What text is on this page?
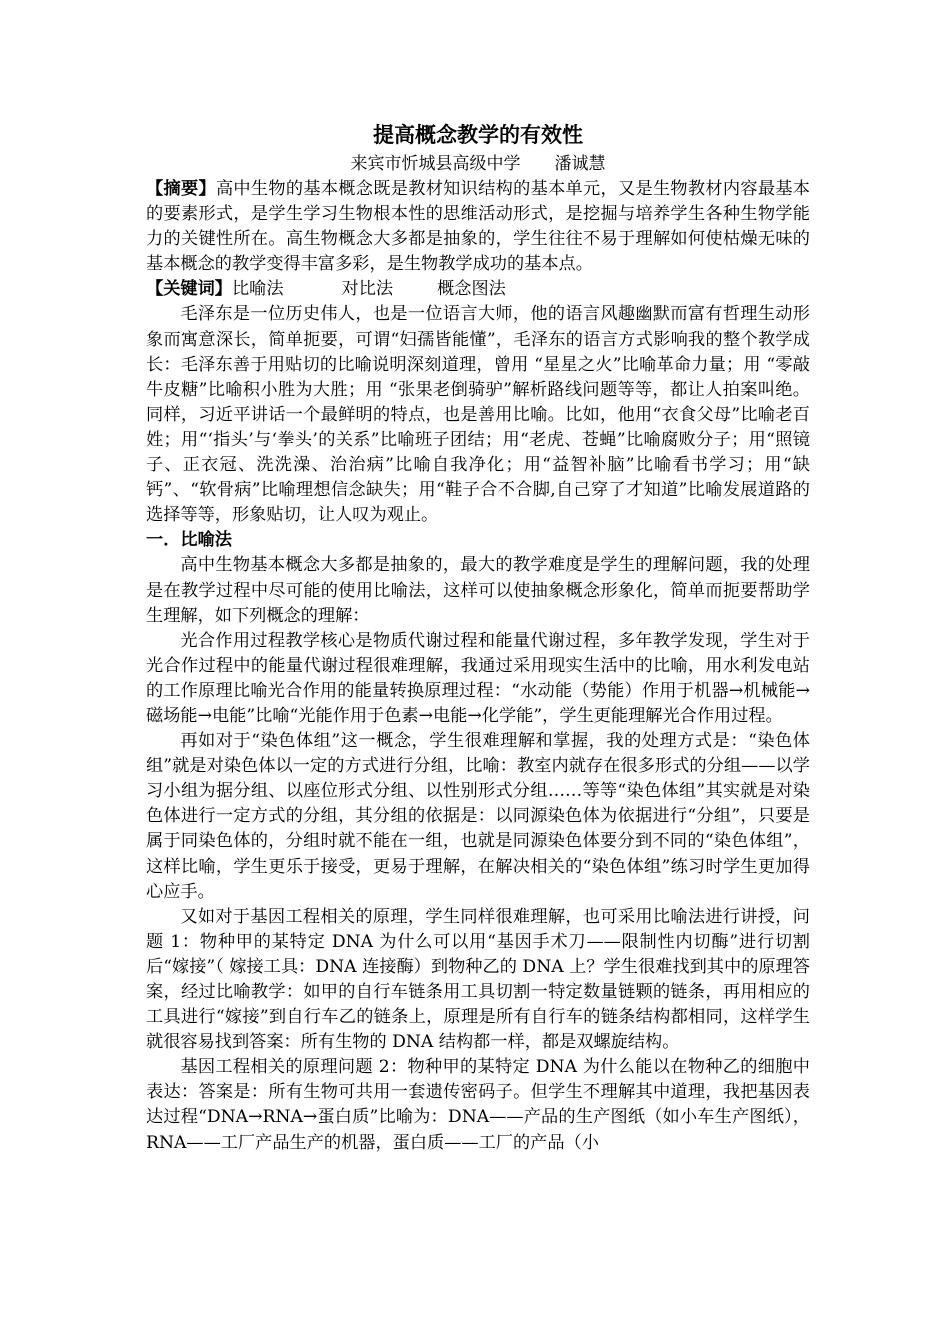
提高概念教学的有效性
来宾市忻城县高级中学　　潘诚慧

【摘要】高中生物的基本概念既是教材知识结构的基本单元，又是生物教材内容最基本的要素形式，是学生学习生物根本性的思维活动形式，是挖掘与培养学生各种生物学能力的关键性所在。高生物概念大多都是抽象的，学生往往不易于理解如何使枯燥无味的基本概念的教学变得丰富多彩，是生物教学成功的基本点。

【关键词】比喻法	对比法	概念图法

毛泽东是一位历史伟人，也是一位语言大师，他的语言风趣幽默而富有哲理生动形象而寓意深长，简单扼要，可谓“妇孺皆能懂”，毛泽东的语言方式影响我的整个教学成长：毛泽东善于用贴切的比喻说明深刻道理，曾用 “星星之火”比喻革命力量；用 “零敲牛皮糖”比喻积小胜为大胜；用 “张果老倒骑驴”解析路线问题等等，都让人拍案叫绝。同样，习近平讲话一个最鲜明的特点，也是善用比喻。比如，他用“衣食父母”比喻老百姓；用“‘指头’与‘拳头’的关系”比喻班子团结；用“老虎、苍蝇”比喻腐败分子；用“照镜子、正衣冠、洗洗澡、治治病”比喻自我净化；用“益智补脑”比喻看书学习；用“缺钙”、“软骨病”比喻理想信念缺失；用“鞋子合不合脚,自己穿了才知道”比喻发展道路的选择等等，形象贴切，让人叹为观止。

一．比喻法

高中生物基本概念大多都是抽象的，最大的教学难度是学生的理解问题，我的处理是在教学过程中尽可能的使用比喻法，这样可以使抽象概念形象化，简单而扼要帮助学生理解，如下列概念的理解：

光合作用过程教学核心是物质代谢过程和能量代谢过程，多年教学发现，学生对于光合作过程中的能量代谢过程很难理解，我通过采用现实生活中的比喻，用水利发电站的工作原理比喻光合作用的能量转换原理过程：“水动能（势能）作用于机器→机械能→磁场能→电能”比喻“光能作用于色素→电能→化学能”，学生更能理解光合作用过程。

再如对于“染色体组”这一概念，学生很难理解和掌握，我的处理方式是：“染色体组”就是对染色体以一定的方式进行分组，比喻：教室内就存在很多形式的分组——以学习小组为据分组、以座位形式分组、以性别形式分组……等等“染色体组”其实就是对染色体进行一定方式的分组，其分组的依据是：以同源染色体为依据进行“分组”，只要是属于同染色体的，分组时就不能在一组，也就是同源染色体要分到不同的“染色体组”，这样比喻，学生更乐于接受，更易于理解，在解决相关的“染色体组”练习时学生更加得心应手。

又如对于基因工程相关的原理，学生同样很难理解，也可采用比喻法进行讲授，问题 1：物种甲的某特定 DNA 为什么可以用“基因手术刀——限制性内切酶”进行切割后“嫁接”（ 嫁接工具：DNA 连接酶）到物种乙的 DNA 上？学生很难找到其中的原理答案，经过比喻教学：如甲的自行车链条用工具切割一特定数量链颗的链条，再用相应的工具进行“嫁接”到自行车乙的链条上，原理是所有自行车的链条结构都相同，这样学生就很容易找到答案：所有生物的 DNA 结构都一样，都是双螺旋结构。

基因工程相关的原理问题 2：物种甲的某特定 DNA 为什么能以在物种乙的细胞中表达：答案是：所有生物可共用一套遗传密码子。但学生不理解其中道理，我把基因表达过程“DNA→RNA→蛋白质”比喻为：DNA——产品的生产图纸（如小车生产图纸），RNA——工厂产品生产的机器，蛋白质——工厂的产品（小
